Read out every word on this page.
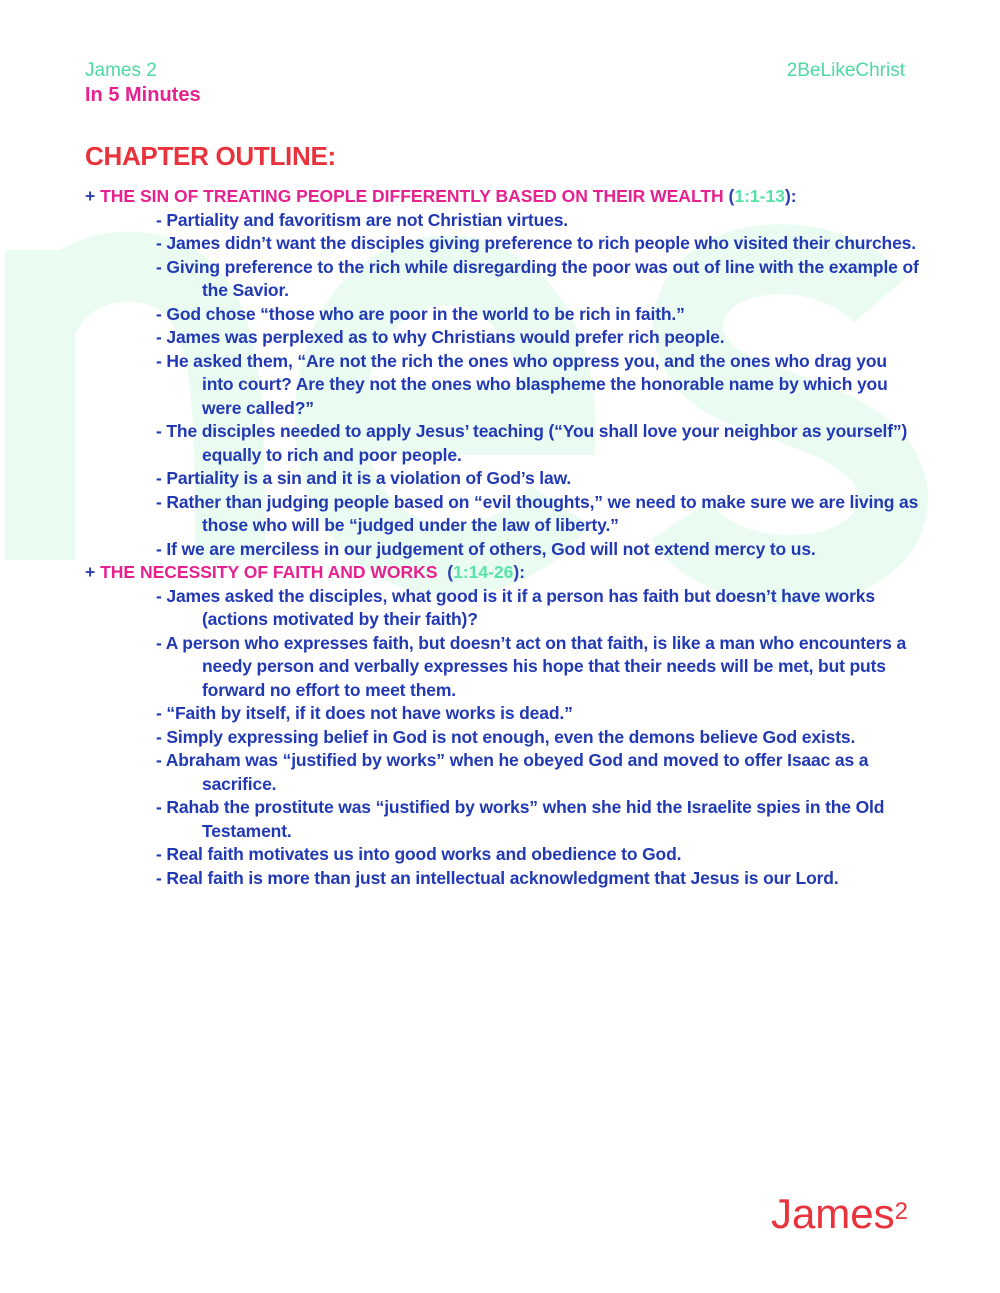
James 2
In 5 Minutes
2BeLikeChrist
CHAPTER OUTLINE:

+ THE SIN OF TREATING PEOPLE DIFFERENTLY BASED ON THEIR WEALTH (1:1-13):

- Partiality and favoritism are not Christian virtues.
- James didn’t want the disciples giving preference to rich people who visited their churches.
- Giving preference to the rich while disregarding the poor was out of line with the example of the Savior.
- God chose “those who are poor in the world to be rich in faith.”
- James was perplexed as to why Christians would prefer rich people.
- He asked them, “Are not the rich the ones who oppress you, and the ones who drag you into court? Are they not the ones who blaspheme the honorable name by which you were called?”
- The disciples needed to apply Jesus’ teaching (“You shall love your neighbor as yourself”) equally to rich and poor people.
- Partiality is a sin and it is a violation of God’s law.
- Rather than judging people based on “evil thoughts,” we need to make sure we are living as those who will be “judged under the law of liberty.”
- If we are merciless in our judgement of others, God will not extend mercy to us.

+ THE NECESSITY OF FAITH AND WORKS  (1:14-26):

- James asked the disciples, what good is it if a person has faith but doesn’t have works (actions motivated by their faith)?
- A person who expresses faith, but doesn’t act on that faith, is like a man who encounters a needy person and verbally expresses his hope that their needs will be met, but puts forward no effort to meet them.
- “Faith by itself, if it does not have works is dead.”
- Simply expressing belief in God is not enough, even the demons believe God exists.
- Abraham was “justified by works” when he obeyed God and moved to offer Isaac as a sacrifice.
- Rahab the prostitute was “justified by works” when she hid the Israelite spies in the Old Testament.
- Real faith motivates us into good works and obedience to God.
- Real faith is more than just an intellectual acknowledgment that Jesus is our Lord.
James$^2$
